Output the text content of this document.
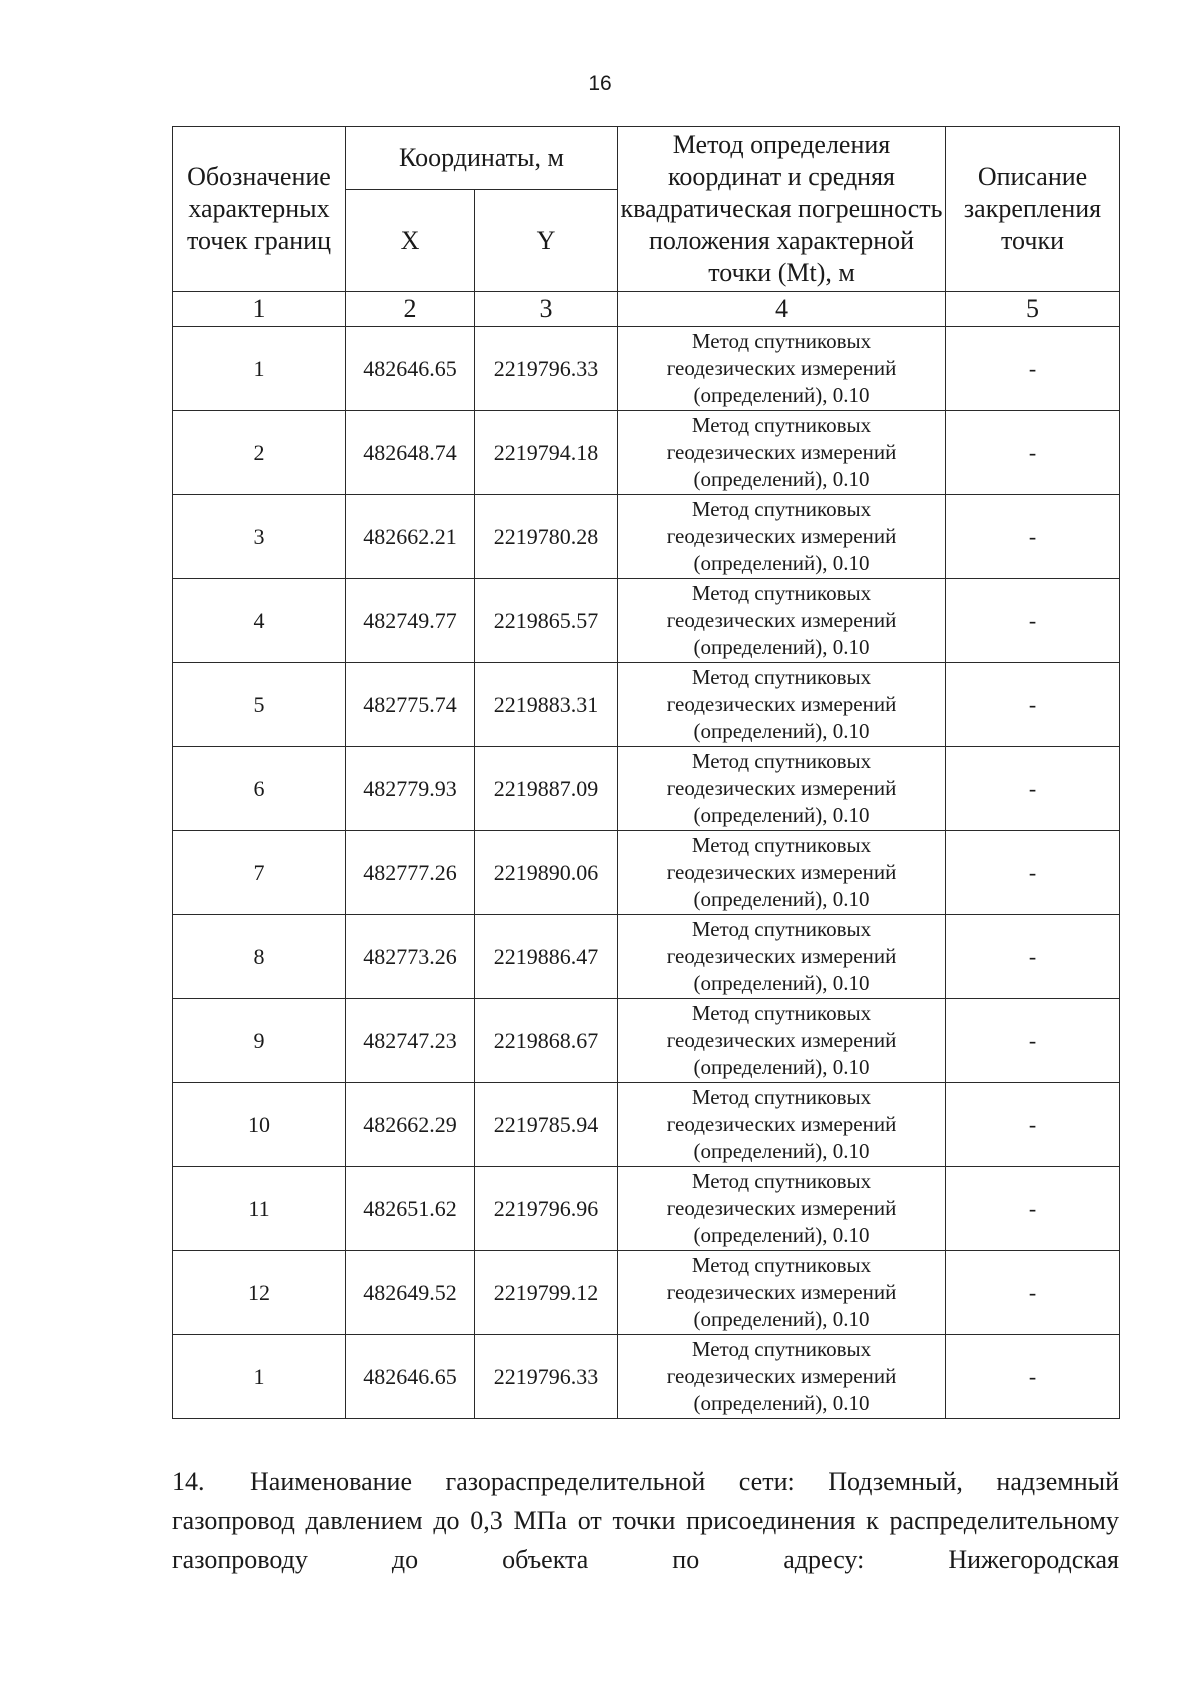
16
Обозначение характерных точек границ	Координаты, м		Метод определения координат и средняя квадратическая погрешность положения характерной точки (Mt), м	Описание закрепления точки
	X	Y		
1	2	3	4	5
1	482646.65	2219796.33	Метод спутниковых геодезических измерений (определений), 0.10	-
2	482648.74	2219794.18	Метод спутниковых геодезических измерений (определений), 0.10	-
3	482662.21	2219780.28	Метод спутниковых геодезических измерений (определений), 0.10	-
4	482749.77	2219865.57	Метод спутниковых геодезических измерений (определений), 0.10	-
5	482775.74	2219883.31	Метод спутниковых геодезических измерений (определений), 0.10	-
6	482779.93	2219887.09	Метод спутниковых геодезических измерений (определений), 0.10	-
7	482777.26	2219890.06	Метод спутниковых геодезических измерений (определений), 0.10	-
8	482773.26	2219886.47	Метод спутниковых геодезических измерений (определений), 0.10	-
9	482747.23	2219868.67	Метод спутниковых геодезических измерений (определений), 0.10	-
10	482662.29	2219785.94	Метод спутниковых геодезических измерений (определений), 0.10	-
11	482651.62	2219796.96	Метод спутниковых геодезических измерений (определений), 0.10	-
12	482649.52	2219799.12	Метод спутниковых геодезических измерений (определений), 0.10	-
1	482646.65	2219796.33	Метод спутниковых геодезических измерений (определений), 0.10	-
14. Наименование газораспределительной сети: Подземный, надземный газопровод давлением до 0,3 МПа от точки присоединения к распределительному газопроводу до объекта по адресу: Нижегородская
